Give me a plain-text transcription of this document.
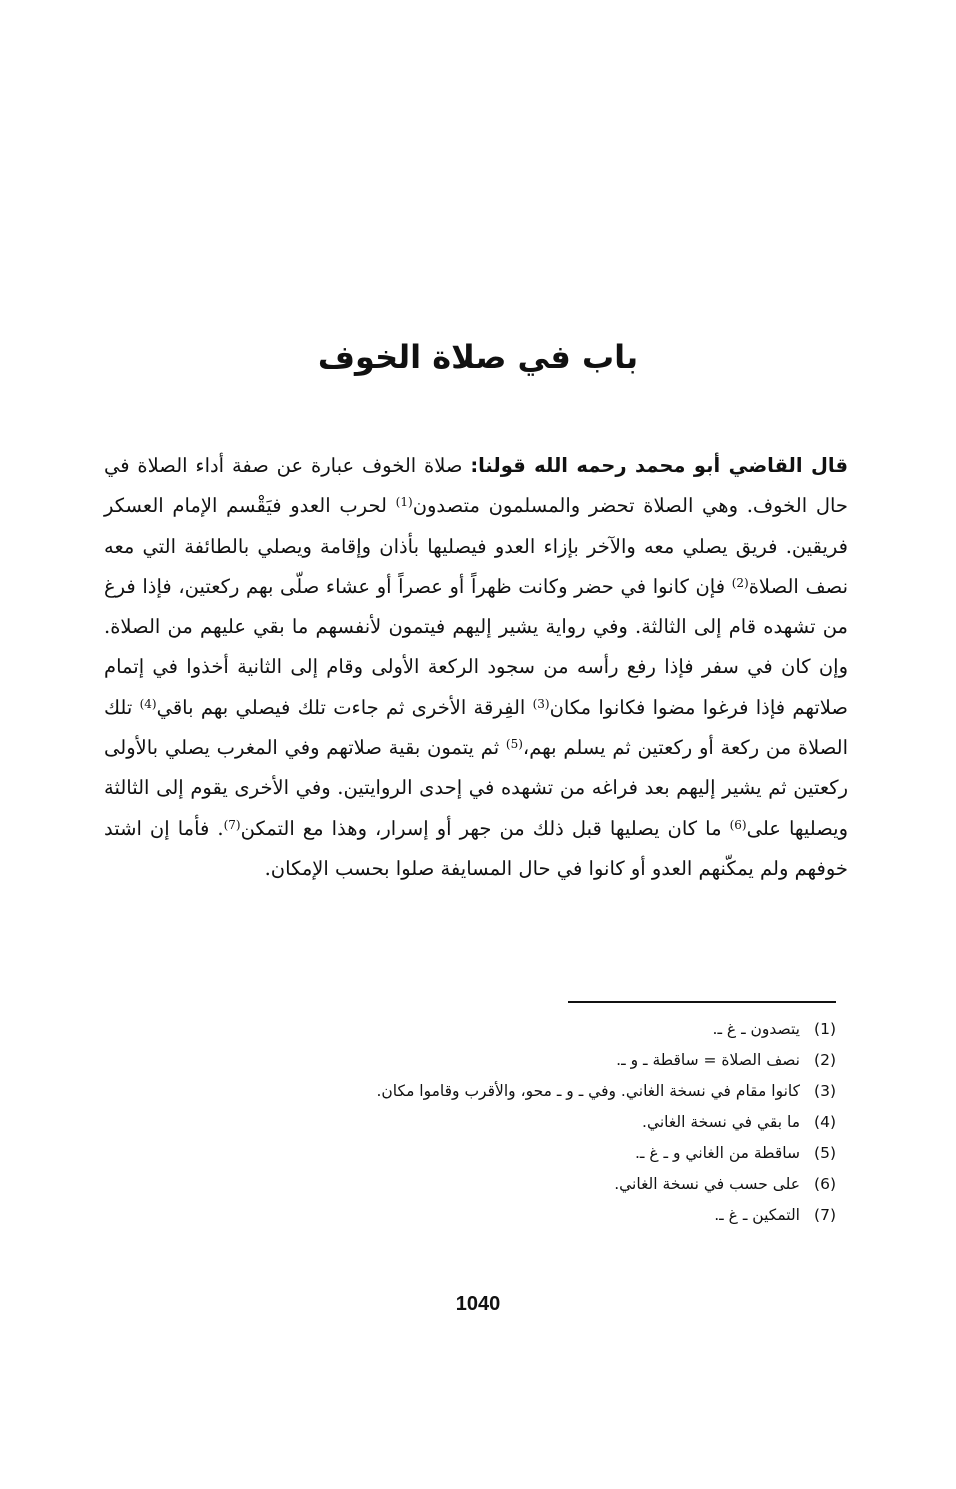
باب في صلاة الخوف

قال القاضي أبو محمد رحمه الله قولنا: صلاة الخوف عبارة عن صفة أداء الصلاة في حال الخوف. وهي الصلاة تحضر والمسلمون متصدون$^{(1)}$ لحرب العدو فيَقْسم الإمام العسكر فريقين. فريق يصلي معه والآخر بإزاء العدو فيصليها بأذان وإقامة ويصلي بالطائفة التي معه نصف الصلاة$^{(2)}$ فإن كانوا في حضر وكانت ظهراً أو عصراً أو عشاء صلّى بهم ركعتين، فإذا فرغ من تشهده قام إلى الثالثة. وفي رواية يشير إليهم فيتمون لأنفسهم ما بقي عليهم من الصلاة. وإن كان في سفر فإذا رفع رأسه من سجود الركعة الأولى وقام إلى الثانية أخذوا في إتمام صلاتهم فإذا فرغوا مضوا فكانوا مكان$^{(3)}$ الفِرقة الأخرى ثم جاءت تلك فيصلي بهم باقي$^{(4)}$ تلك الصلاة من ركعة أو ركعتين ثم يسلم بهم،$^{(5)}$ ثم يتمون بقية صلاتهم وفي المغرب يصلي بالأولى ركعتين ثم يشير إليهم بعد فراغه من تشهده في إحدى الروايتين. وفي الأخرى يقوم إلى الثالثة ويصليها على$^{(6)}$ ما كان يصليها قبل ذلك من جهر أو إسرار، وهذا مع التمكن$^{(7)}$. فأما إن اشتد خوفهم ولم يمكّنهم العدو أو كانوا في حال المسايفة صلوا بحسب الإمكان.

(1)يتصدون ـ غ ـ.
(2)نصف الصلاة = ساقطة ـ و ـ.
(3)كانوا مقام في نسخة الغاني. وفي ـ و ـ محو، والأقرب وقاموا مكان.
(4)ما بقي في نسخة الغاني.
(5)ساقطة من الغاني و ـ غ ـ.
(6)على حسب في نسخة الغاني.
(7)التمكين ـ غ ـ.
1040
